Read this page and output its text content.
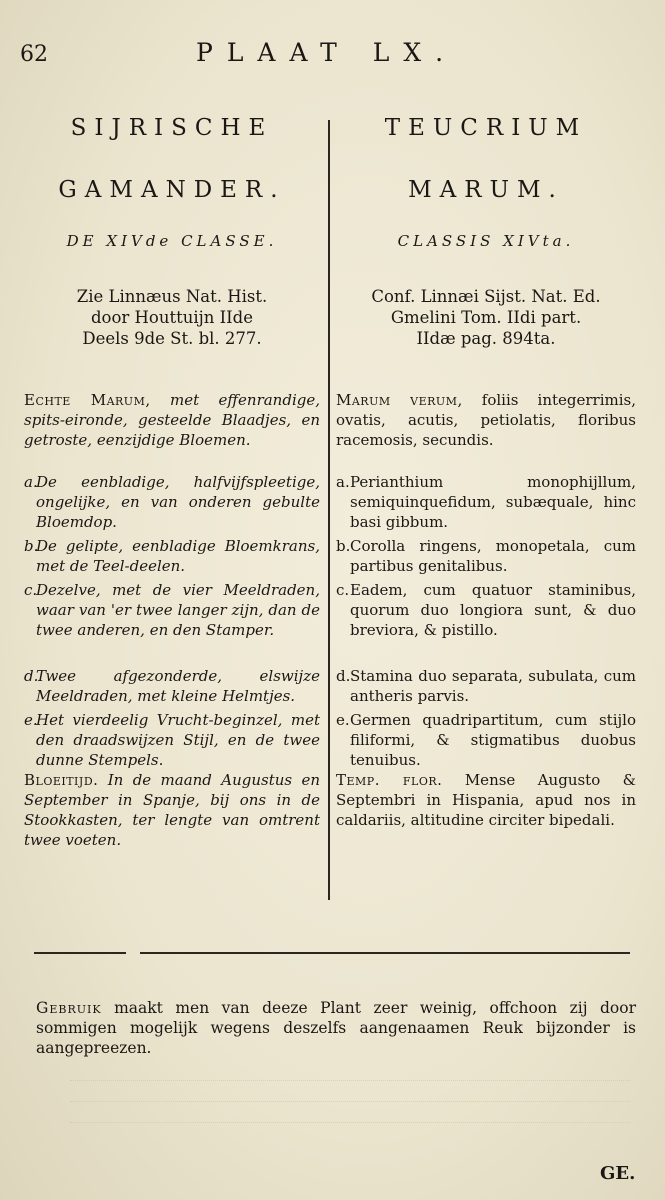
62	PLAAT LX.
SIJRISCHE
GAMANDER.
DE XIVde CLASSE.
Zie Linnæus Nat. Hist.
door Houttuijn IIde
Deels 9de St. bl. 277.
Echte Marum, met effenrandige, spits-eironde, gesteelde Blaadjes, en getroste, eenzijdige Bloemen.
a.
De eenbladige, halfvijfspleetige, ongelijke, en van onderen gebulte Bloemdop.
b.
De gelipte, eenbladige Bloemkrans, met de Teel-deelen.
c.
Dezelve, met de vier Meeldraden, waar van 'er twee langer zijn, dan de twee anderen, en den Stamper.
d.
Twee afgezonderde, elswijze Meeldraden, met kleine Helmtjes.
e.
Het vierdeelig Vrucht-beginzel, met den draadswijzen Stijl, en de twee dunne Stempels.
Bloeitijd. In de maand Augustus en September in Spanje, bij ons in de Stookkasten, ter lengte van omtrent twee voeten.
TEUCRIUM
MARUM.
CLASSIS XIVta.
Conf. Linnæi Sijst. Nat. Ed.
Gmelini Tom. IIdi part.
IIdæ pag. 894ta.
Marum verum, foliis integerrimis, ovatis, acutis, petiolatis, floribus racemosis, secundis.
a. Perianthium monophijllum, semiquinquefidum, subæquale, hinc basi gibbum.
b. Corolla ringens, monopetala, cum partibus genitalibus.
c. Eadem, cum quatuor staminibus, quorum duo longiora sunt, & duo breviora, & pistillo.
d. Stamina duo separata, subulata, cum antheris parvis.
e. Germen quadripartitum, cum stijlo filiformi, & stigmatibus duobus tenuibus.
Temp. flor. Mense Augusto & Septembri in Hispania, apud nos in caldariis, altitudine circiter bipedali.
Gebruik maakt men van deeze Plant zeer weinig, offchoon zij door sommigen mogelijk wegens deszelfs aangenaamen Reuk bijzonder is aangepreezen.
GE.
